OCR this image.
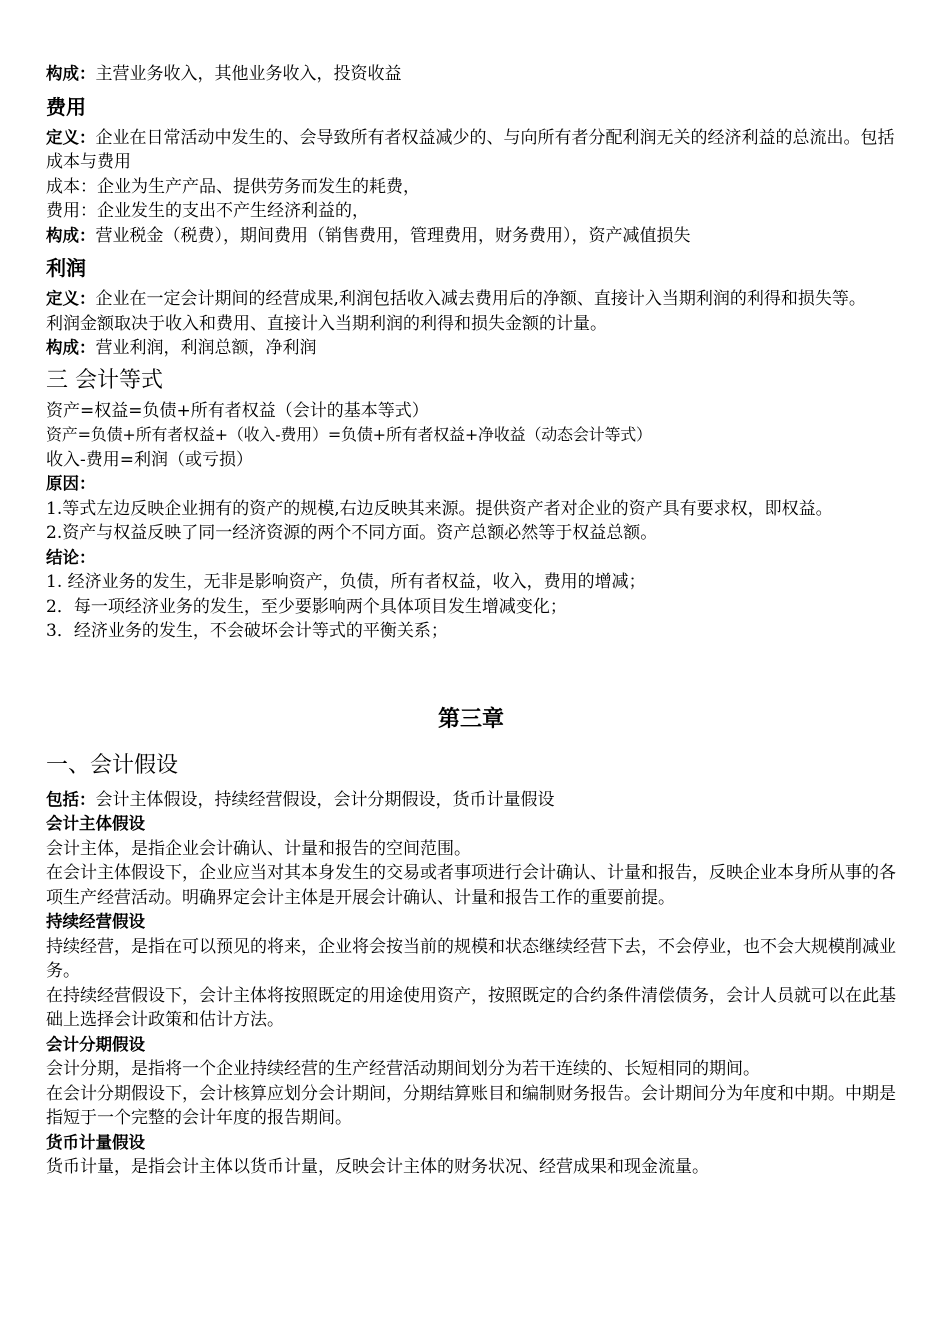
构成：主营业务收入，其他业务收入，投资收益
费用
定义：企业在日常活动中发生的、会导致所有者权益减少的、与向所有者分配利润无关的经济利益的总流出。包括成本与费用
成本：企业为生产产品、提供劳务而发生的耗费，
费用：企业发生的支出不产生经济利益的，
构成：营业税金（税费），期间费用（销售费用，管理费用，财务费用），资产减值损失
利润
定义：企业在一定会计期间的经营成果,利润包括收入减去费用后的净额、直接计入当期利润的利得和损失等。
利润金额取决于收入和费用、直接计入当期利润的利得和损失金额的计量。
构成：营业利润，利润总额，净利润
三 会计等式
资产=权益=负债+所有者权益（会计的基本等式）
资产=负债+所有者权益+（收入-费用）=负债+所有者权益+净收益（动态会计等式）
收入-费用=利润（或亏损）
原因：
1.等式左边反映企业拥有的资产的规模,右边反映其来源。提供资产者对企业的资产具有要求权，即权益。
2.资产与权益反映了同一经济资源的两个不同方面。资产总额必然等于权益总额。
结论：
1. 经济业务的发生，无非是影响资产，负债，所有者权益，收入，费用的增减；
2．每一项经济业务的发生，至少要影响两个具体项目发生增减变化；
3．经济业务的发生，不会破坏会计等式的平衡关系；
第三章
一、会计假设
包括：会计主体假设，持续经营假设，会计分期假设，货币计量假设
会计主体假设
会计主体，是指企业会计确认、计量和报告的空间范围。
在会计主体假设下，企业应当对其本身发生的交易或者事项进行会计确认、计量和报告，反映企业本身所从事的各项生产经营活动。明确界定会计主体是开展会计确认、计量和报告工作的重要前提。
持续经营假设
持续经营，是指在可以预见的将来，企业将会按当前的规模和状态继续经营下去，不会停业，也不会大规模削减业务。
在持续经营假设下，会计主体将按照既定的用途使用资产，按照既定的合约条件清偿债务，会计人员就可以在此基础上选择会计政策和估计方法。
会计分期假设
会计分期，是指将一个企业持续经营的生产经营活动期间划分为若干连续的、长短相同的期间。
在会计分期假设下，会计核算应划分会计期间，分期结算账目和编制财务报告。会计期间分为年度和中期。中期是指短于一个完整的会计年度的报告期间。
货币计量假设
货币计量，是指会计主体以货币计量，反映会计主体的财务状况、经营成果和现金流量。
